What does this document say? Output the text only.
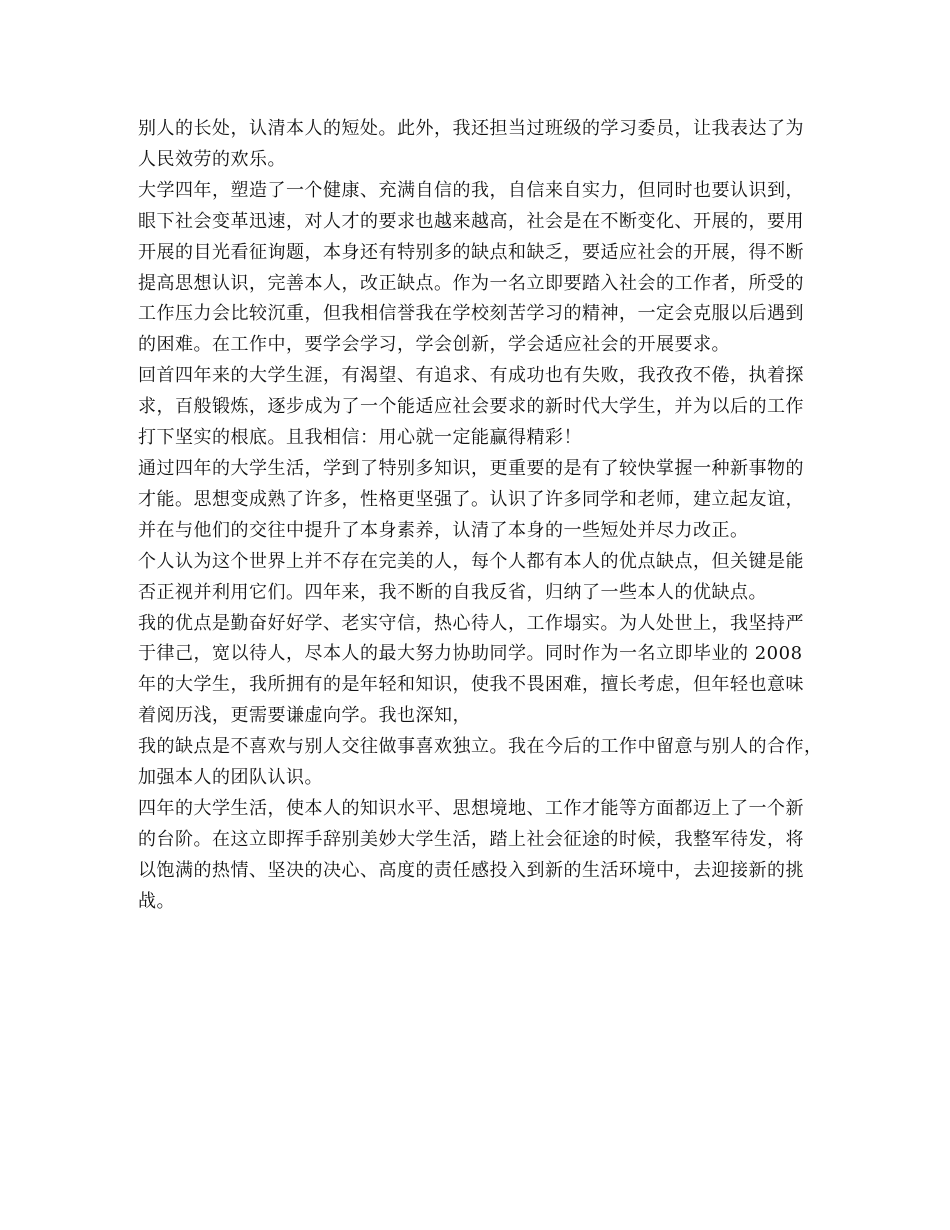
别人的长处，认清本人的短处。此外，我还担当过班级的学习委员，让我表达了为
人民效劳的欢乐。
大学四年，塑造了一个健康、充满自信的我，自信来自实力，但同时也要认识到，
眼下社会变革迅速，对人才的要求也越来越高，社会是在不断变化、开展的，要用
开展的目光看征询题，本身还有特别多的缺点和缺乏，要适应社会的开展，得不断
提高思想认识，完善本人，改正缺点。作为一名立即要踏入社会的工作者，所受的
工作压力会比较沉重，但我相信誉我在学校刻苦学习的精神，一定会克服以后遇到
的困难。在工作中，要学会学习，学会创新，学会适应社会的开展要求。
回首四年来的大学生涯，有渴望、有追求、有成功也有失败，我孜孜不倦，执着探
求，百般锻炼，逐步成为了一个能适应社会要求的新时代大学生，并为以后的工作
打下坚实的根底。且我相信：用心就一定能赢得精彩！
通过四年的大学生活，学到了特别多知识，更重要的是有了较快掌握一种新事物的
才能。思想变成熟了许多，性格更坚强了。认识了许多同学和老师，建立起友谊，
并在与他们的交往中提升了本身素养，认清了本身的一些短处并尽力改正。
个人认为这个世界上并不存在完美的人，每个人都有本人的优点缺点，但关键是能
否正视并利用它们。四年来，我不断的自我反省，归纳了一些本人的优缺点。
我的优点是勤奋好好学、老实守信，热心待人，工作塌实。为人处世上，我坚持严
于律己，宽以待人，尽本人的最大努力协助同学。同时作为一名立即毕业的 2008
年的大学生，我所拥有的是年轻和知识，使我不畏困难，擅长考虑，但年轻也意味
着阅历浅，更需要谦虚向学。我也深知，
我的缺点是不喜欢与别人交往做事喜欢独立。我在今后的工作中留意与别人的合作，
加强本人的团队认识。
四年的大学生活，使本人的知识水平、思想境地、工作才能等方面都迈上了一个新
的台阶。在这立即挥手辞别美妙大学生活，踏上社会征途的时候，我整军待发，将
以饱满的热情、坚决的决心、高度的责任感投入到新的生活环境中，去迎接新的挑
战。
